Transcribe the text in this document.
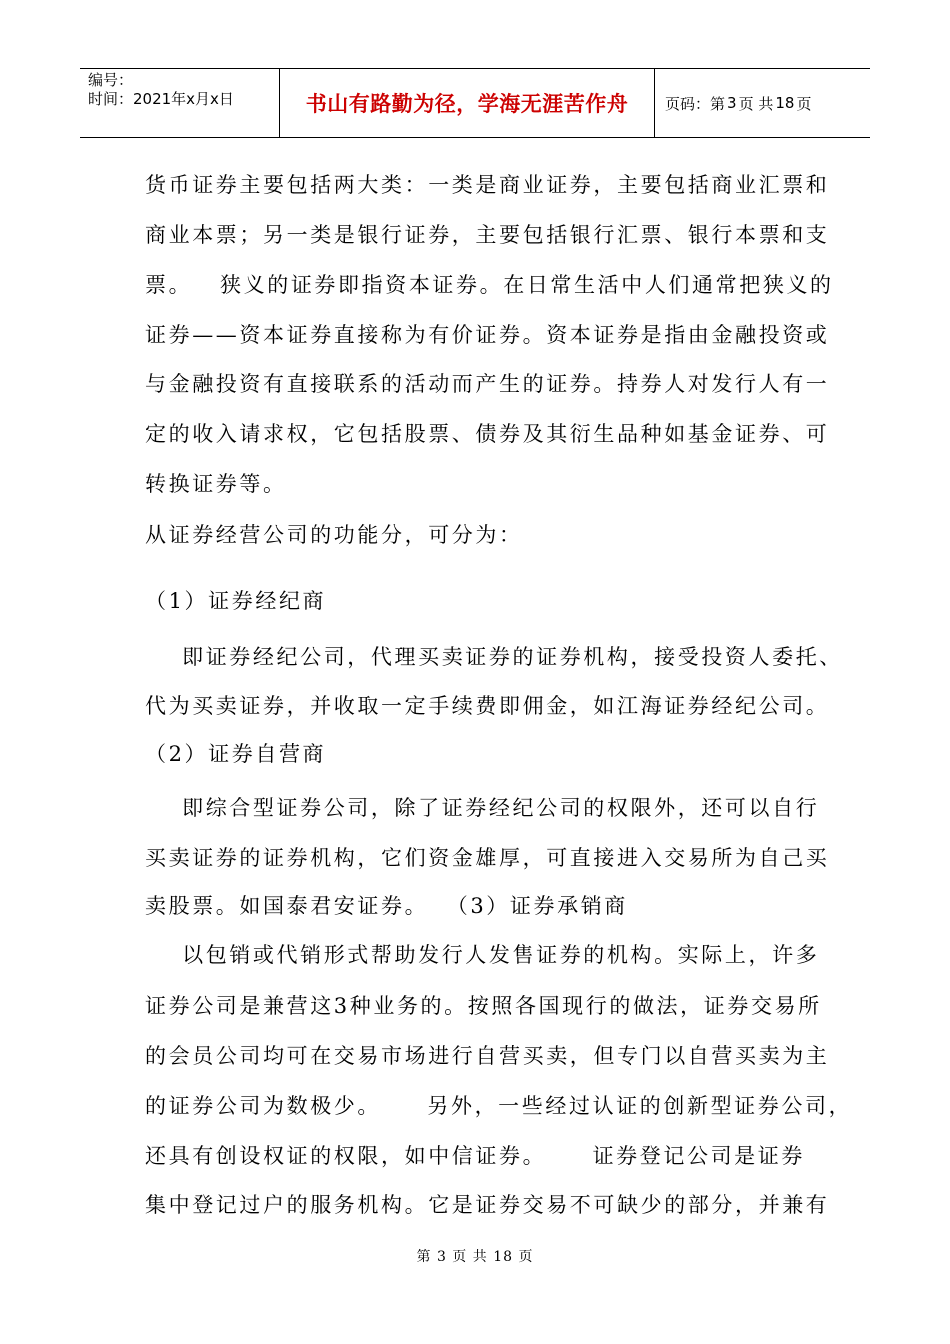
编号：
时间：2021年x月x日	书山有路勤为径，学海无涯苦作舟	页码：第 3 页 共 18 页
货币证券主要包括两大类：一类是商业证券，主要包括商业汇票和
商业本票；另一类是银行证券，主要包括银行汇票、银行本票和支
票。   狭义的证券即指资本证券。在日常生活中人们通常把狭义的
证券——资本证券直接称为有价证券。资本证券是指由金融投资或
与金融投资有直接联系的活动而产生的证券。持券人对发行人有一
定的收入请求权，它包括股票、债券及其衍生品种如基金证券、可
转换证券等。
从证券经营公司的功能分，可分为：
（1）证券经纪商
即证券经纪公司，代理买卖证券的证券机构，接受投资人委托、
代为买卖证券，并收取一定手续费即佣金，如江海证券经纪公司。
（2）证券自营商
即综合型证券公司，除了证券经纪公司的权限外，还可以自行
买卖证券的证券机构，它们资金雄厚，可直接进入交易所为自己买
卖股票。如国泰君安证券。  （3）证券承销商
以包销或代销形式帮助发行人发售证券的机构。实际上，许多
证券公司是兼营这3种业务的。按照各国现行的做法，证券交易所
的会员公司均可在交易市场进行自营买卖，但专门以自营买卖为主
的证券公司为数极少。     另外，一些经过认证的创新型证券公司，
还具有创设权证的权限，如中信证券。     证券登记公司是证券
集中登记过户的服务机构。它是证券交易不可缺少的部分，并兼有
第 3 页 共 18 页
